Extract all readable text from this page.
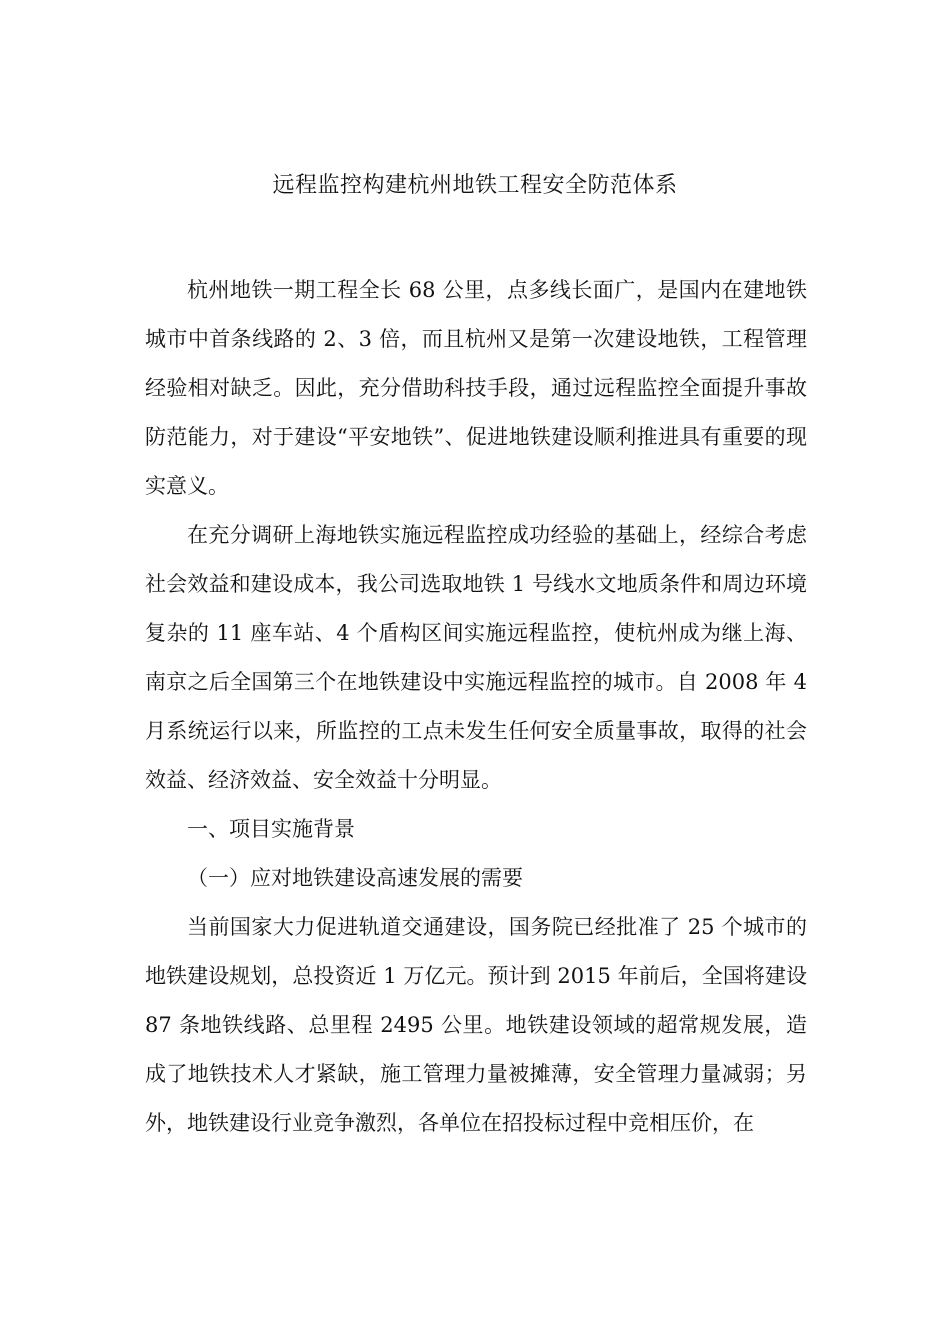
远程监控构建杭州地铁工程安全防范体系

杭州地铁一期工程全长 68 公里，点多线长面广，是国内在建地铁城市中首条线路的 2、3 倍，而且杭州又是第一次建设地铁，工程管理经验相对缺乏。因此，充分借助科技手段，通过远程监控全面提升事故防范能力，对于建设“平安地铁”、促进地铁建设顺利推进具有重要的现实意义。

在充分调研上海地铁实施远程监控成功经验的基础上，经综合考虑社会效益和建设成本，我公司选取地铁 1 号线水文地质条件和周边环境复杂的 11 座车站、4 个盾构区间实施远程监控，使杭州成为继上海、南京之后全国第三个在地铁建设中实施远程监控的城市。自 2008 年 4 月系统运行以来，所监控的工点未发生任何安全质量事故，取得的社会效益、经济效益、安全效益十分明显。

一、项目实施背景

（一）应对地铁建设高速发展的需要

当前国家大力促进轨道交通建设，国务院已经批准了 25 个城市的地铁建设规划，总投资近 1 万亿元。预计到 2015 年前后，全国将建设 87 条地铁线路、总里程 2495 公里。地铁建设领域的超常规发展，造成了地铁技术人才紧缺，施工管理力量被摊薄，安全管理力量减弱；另外，地铁建设行业竞争激烈，各单位在招投标过程中竞相压价，在
